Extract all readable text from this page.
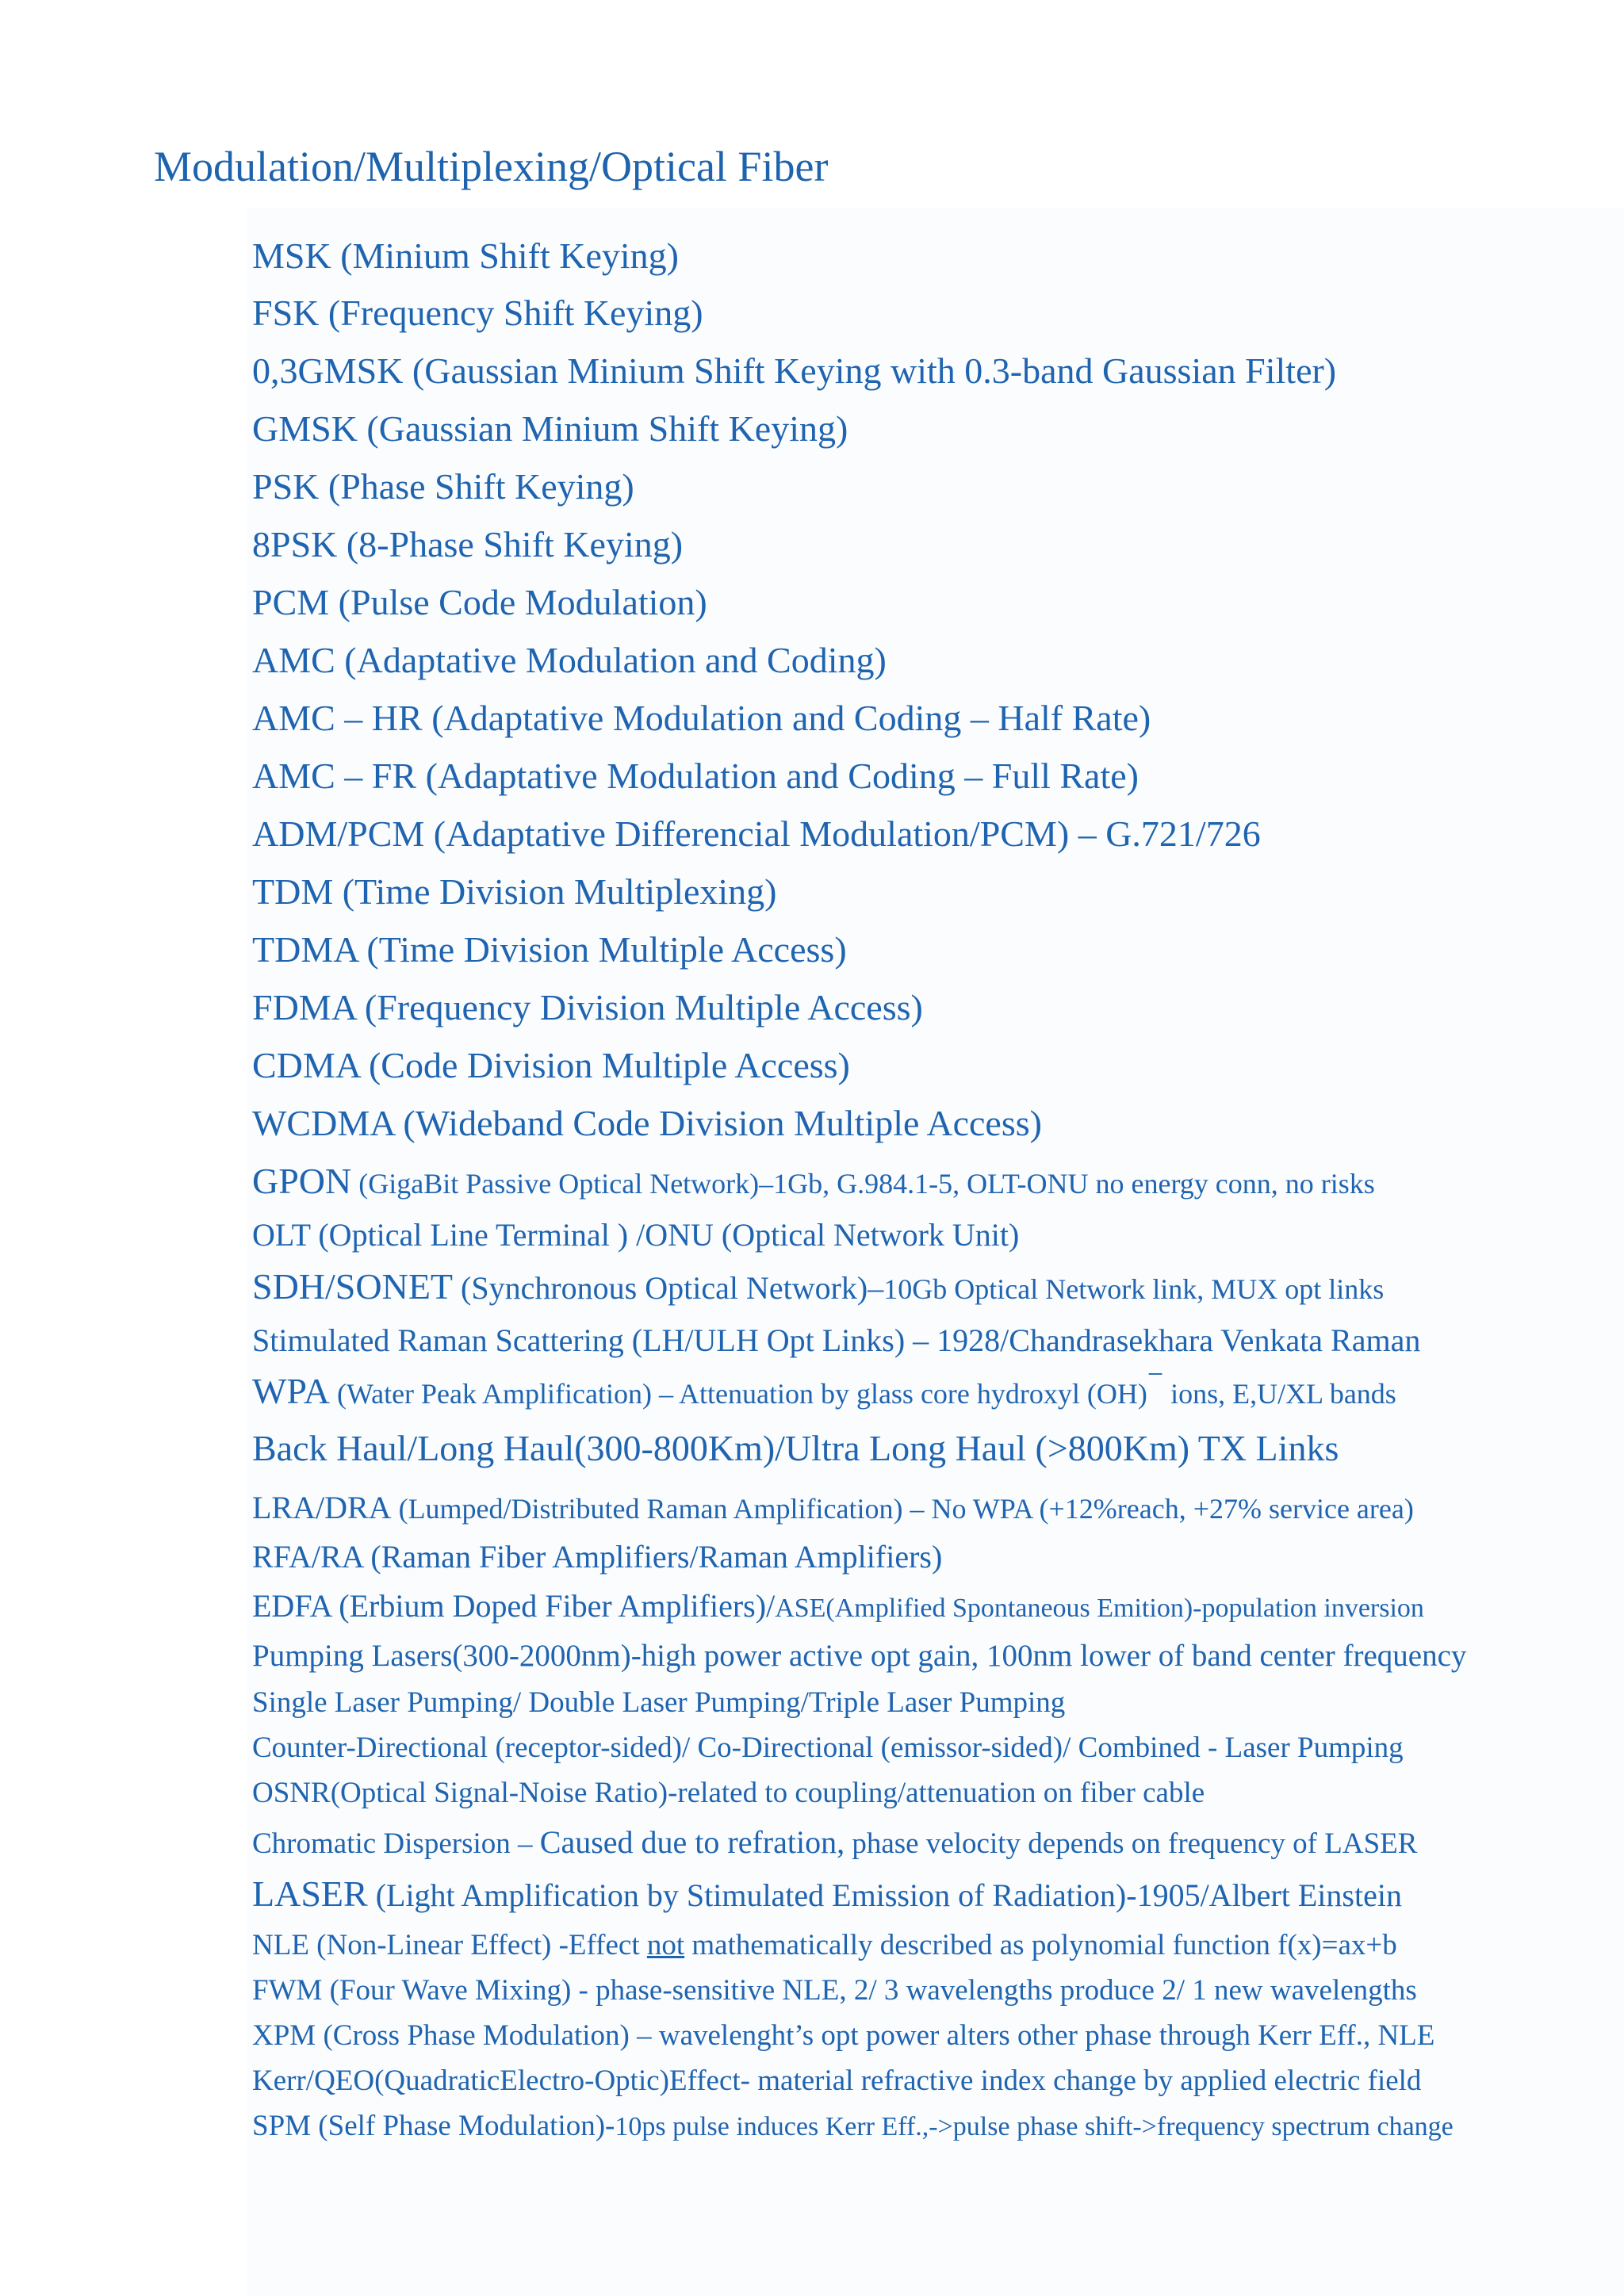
Modulation/Multiplexing/Optical Fiber
MSK (Minium Shift Keying)
FSK (Frequency Shift Keying)
0,3GMSK (Gaussian Minium Shift Keying with 0.3-band Gaussian Filter)
GMSK (Gaussian Minium Shift Keying)
PSK (Phase Shift Keying)
8PSK (8-Phase Shift Keying)
PCM (Pulse Code Modulation)
AMC (Adaptative Modulation and Coding)
AMC – HR (Adaptative Modulation and Coding – Half Rate)
AMC – FR (Adaptative Modulation and Coding – Full Rate)
ADM/PCM (Adaptative Differencial Modulation/PCM) – G.721/726
TDM (Time Division Multiplexing)
TDMA (Time Division Multiple Access)
FDMA (Frequency Division Multiple Access)
CDMA (Code Division Multiple Access)
WCDMA (Wideband Code Division Multiple Access)
GPON (GigaBit Passive Optical Network)–1Gb, G.984.1-5, OLT-ONU no energy conn, no risks
OLT (Optical Line Terminal ) /ONU (Optical Network Unit)
SDH/SONET (Synchronous Optical Network)–10Gb Optical Network link, MUX opt links
Stimulated Raman Scattering (LH/ULH Opt Links) – 1928/Chandrasekhara Venkata Raman
WPA (Water Peak Amplification) – Attenuation by glass core hydroxyl (OH)− ions, E,U/XL bands
Back Haul/Long Haul(300-800Km)/Ultra Long Haul (>800Km) TX Links
LRA/DRA (Lumped/Distributed Raman Amplification) – No WPA (+12%reach, +27% service area)
RFA/RA (Raman Fiber Amplifiers/Raman Amplifiers)
EDFA (Erbium Doped Fiber Amplifiers)/ASE(Amplified Spontaneous Emition)-population inversion
Pumping Lasers(300-2000nm)-high power active opt gain, 100nm lower of band center frequency
Single Laser Pumping/ Double Laser Pumping/Triple Laser Pumping
Counter-Directional (receptor-sided)/ Co-Directional (emissor-sided)/ Combined - Laser Pumping
OSNR(Optical Signal-Noise Ratio)-related to coupling/attenuation on fiber cable
Chromatic Dispersion – Caused due to refration, phase velocity depends on frequency of LASER
LASER (Light Amplification by Stimulated Emission of Radiation)-1905/Albert Einstein
NLE (Non-Linear Effect) -Effect not mathematically described as polynomial function f(x)=ax+b
FWM (Four Wave Mixing) - phase-sensitive NLE, 2/ 3 wavelengths produce 2/ 1 new wavelengths
XPM (Cross Phase Modulation) – wavelenght’s opt power alters other phase through Kerr Eff., NLE
Kerr/QEO(QuadraticElectro-Optic)Effect- material refractive index change by applied electric field
SPM (Self Phase Modulation)-10ps pulse induces Kerr Eff.,->pulse phase shift->frequency spectrum change
